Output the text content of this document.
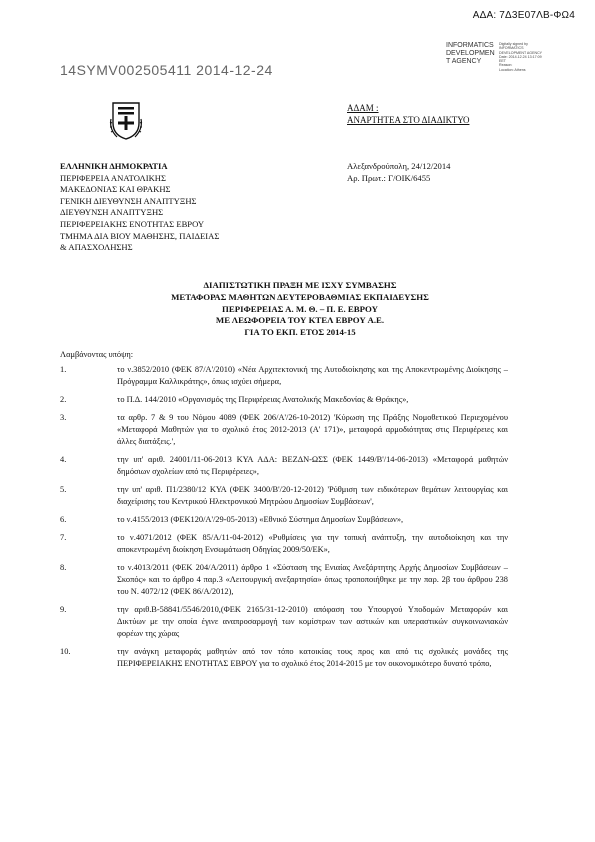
ΑΔΑ: 7Δ3Ε07ΛΒ-ΦΩ4
14SYMV002505411 2014-12-24
INFORMATICS
DEVELOPMEN
T AGENCY
Digitally signed by
INFORMATICS
DEVELOPMENT AGENCY
Date: 2014.12.24 13:17:09
EET
Reason:
Location: Athens
ΑΔΑΜ :
ΑΝΑΡΤΗΤΕΑ ΣΤΟ ΔΙΑΔΙΚΤΥΟ
ΕΛΛΗΝΙΚΗ ΔΗΜΟΚΡΑΤΙΑ
ΠΕΡΙΦΕΡΕΙΑ ΑΝΑΤΟΛΙΚΗΣ
ΜΑΚΕΔΟΝΙΑΣ ΚΑΙ ΘΡΑΚΗΣ
ΓΕΝΙΚΗ ΔΙΕΥΘΥΝΣΗ ΑΝΑΠΤΥΞΗΣ
ΔΙΕΥΘΥΝΣΗ ΑΝΑΠΤΥΞΗΣ
ΠΕΡΙΦΕΡΕΙΑΚΗΣ ΕΝΟΤΗΤΑΣ ΕΒΡΟΥ
ΤΜΗΜΑ ΔΙΑ ΒΙΟΥ ΜΑΘΗΣΗΣ, ΠΑΙΔΕΙΑΣ
& ΑΠΑΣΧΟΛΗΣΗΣ
Αλεξανδρούπολη, 24/12/2014
Αρ. Πρωτ.: Γ/ΟΙΚ/6455
ΔΙΑΠΙΣΤΩΤΙΚΗ ΠΡΑΞΗ ΜΕ ΙΣΧΥ ΣΥΜΒΑΣΗΣ
ΜΕΤΑΦΟΡΑΣ ΜΑΘΗΤΩΝ ΔΕΥΤΕΡΟΒΑΘΜΙΑΣ ΕΚΠΑΙΔΕΥΣΗΣ
ΠΕΡΙΦΕΡΕΙΑΣ Α. Μ. Θ. – Π. Ε. ΕΒΡΟΥ
ΜΕ ΛΕΩΦΟΡΕΙΑ ΤΟΥ ΚΤΕΛ ΕΒΡΟΥ Α.Ε.
ΓΙΑ ΤΟ ΕΚΠ. ΕΤΟΣ 2014-15
Λαμβάνοντας υπόψη:
1.	το ν.3852/2010 (ΦΕΚ 87/Α'/2010) «Νέα Αρχιτεκτονική της Αυτοδιοίκησης και της Αποκεντρωμένης Διοίκησης – Πρόγραμμα Καλλικράτης», όπως ισχύει σήμερα,
2.	το Π.Δ. 144/2010 «Οργανισμός της Περιφέρειας Ανατολικής Μακεδονίας & Θράκης»,
3.	τα αρθρ. 7 & 9 του Νόμου 4089 (ΦΕΚ 206/Α'/26-10-2012) 'Κύρωση της Πράξης Νομοθετικού Περιεχομένου «Μεταφορά Μαθητών για το σχολικό έτος 2012-2013 (Α' 171)», μεταφορά αρμοδιότητας στις Περιφέρειες και άλλες διατάξεις.',
4.	την υπ' αριθ. 24001/11-06-2013 ΚΥΑ ΑΔΑ: ΒΕΖΔΝ-ΩΣΣ (ΦΕΚ 1449/Β'/14-06-2013) «Μεταφορά μαθητών δημόσιων σχολείων από τις Περιφέρειες»,
5.	την υπ' αριθ. Π1/2380/12 ΚΥΑ (ΦΕΚ 3400/Β'/20-12-2012) 'Ρύθμιση των ειδικότερων θεμάτων λειτουργίας και διαχείρισης του Κεντρικού Ηλεκτρονικού Μητρώου Δημοσίων Συμβάσεων',
6.	το ν.4155/2013 (ΦΕΚ120/Α'/29-05-2013) «Εθνικό Σύστημα Δημοσίων Συμβάσεων»,
7.	το ν.4071/2012 (ΦΕΚ 85/Α/11-04-2012) «Ρυθμίσεις για την τοπική ανάπτυξη, την αυτοδιοίκηση και την αποκεντρωμένη διοίκηση Ενσωμάτωση Οδηγίας 2009/50/ΕΚ»,
8.	το ν.4013/2011 (ΦΕΚ 204/Α/2011) άρθρο 1 «Σύσταση της Ενιαίας Ανεξάρτητης Αρχής Δημοσίων Συμβάσεων – Σκοπός» και το άρθρο 4 παρ.3 «Λειτουργική ανεξαρτησία» όπως τροποποιήθηκε με την παρ. 2β του άρθρου 238 του Ν. 4072/12 (ΦΕΚ 86/Α/2012),
9.	την αριθ.Β-58841/5546/2010,(ΦΕΚ 2165/31-12-2010) απόφαση του Υπουργού Υποδομών Μεταφορών και Δικτύων με την οποία έγινε αναπροσαρμογή των κομίστρων των αστικών και υπεραστικών συγκοινωνιακών φορέων της χώρας
10.	την ανάγκη μεταφοράς μαθητών από τον τόπο κατοικίας τους προς και από τις σχολικές μονάδες της ΠΕΡΙΦΕΡΕΙΑΚΗΣ ΕΝΟΤΗΤΑΣ ΕΒΡΟΥ για το σχολικό έτος 2014-2015 με τον οικονομικότερο δυνατό τρόπο,
